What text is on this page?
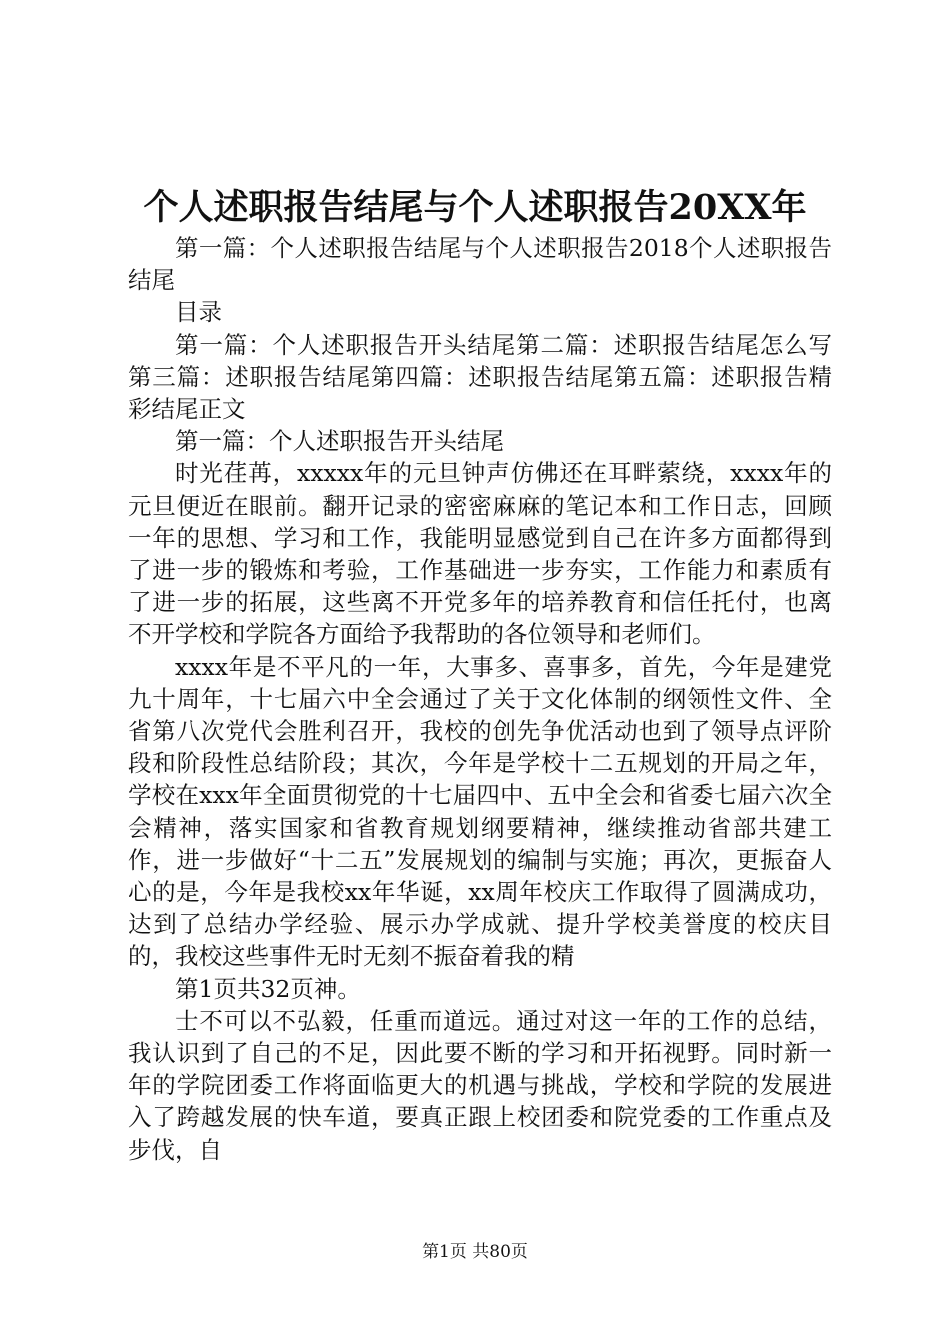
个人述职报告结尾与个人述职报告20XX年

第一篇：个人述职报告结尾与个人述职报告2018个人述职报告结尾

目录

第一篇：个人述职报告开头结尾第二篇：述职报告结尾怎么写第三篇：述职报告结尾第四篇：述职报告结尾第五篇：述职报告精彩结尾正文

第一篇：个人述职报告开头结尾

时光荏苒，xxxxx年的元旦钟声仿佛还在耳畔萦绕，xxxx年的元旦便近在眼前。翻开记录的密密麻麻的笔记本和工作日志，回顾一年的思想、学习和工作，我能明显感觉到自己在许多方面都得到了进一步的锻炼和考验，工作基础进一步夯实，工作能力和素质有了进一步的拓展，这些离不开党多年的培养教育和信任托付，也离不开学校和学院各方面给予我帮助的各位领导和老师们。

xxxx年是不平凡的一年，大事多、喜事多，首先，今年是建党九十周年，十七届六中全会通过了关于文化体制的纲领性文件、全省第八次党代会胜利召开，我校的创先争优活动也到了领导点评阶段和阶段性总结阶段；其次，今年是学校十二五规划的开局之年，学校在xxx年全面贯彻党的十七届四中、五中全会和省委七届六次全会精神，落实国家和省教育规划纲要精神，继续推动省部共建工作，进一步做好“十二五”发展规划的编制与实施；再次，更振奋人心的是，今年是我校xx年华诞，xx周年校庆工作取得了圆满成功，达到了总结办学经验、展示办学成就、提升学校美誉度的校庆目的，我校这些事件无时无刻不振奋着我的精

第1页共32页神。

士不可以不弘毅，任重而道远。通过对这一年的工作的总结，我认识到了自己的不足，因此要不断的学习和开拓视野。同时新一年的学院团委工作将面临更大的机遇与挑战，学校和学院的发展进入了跨越发展的快车道，要真正跟上校团委和院党委的工作重点及步伐，自

第1页 共80页
